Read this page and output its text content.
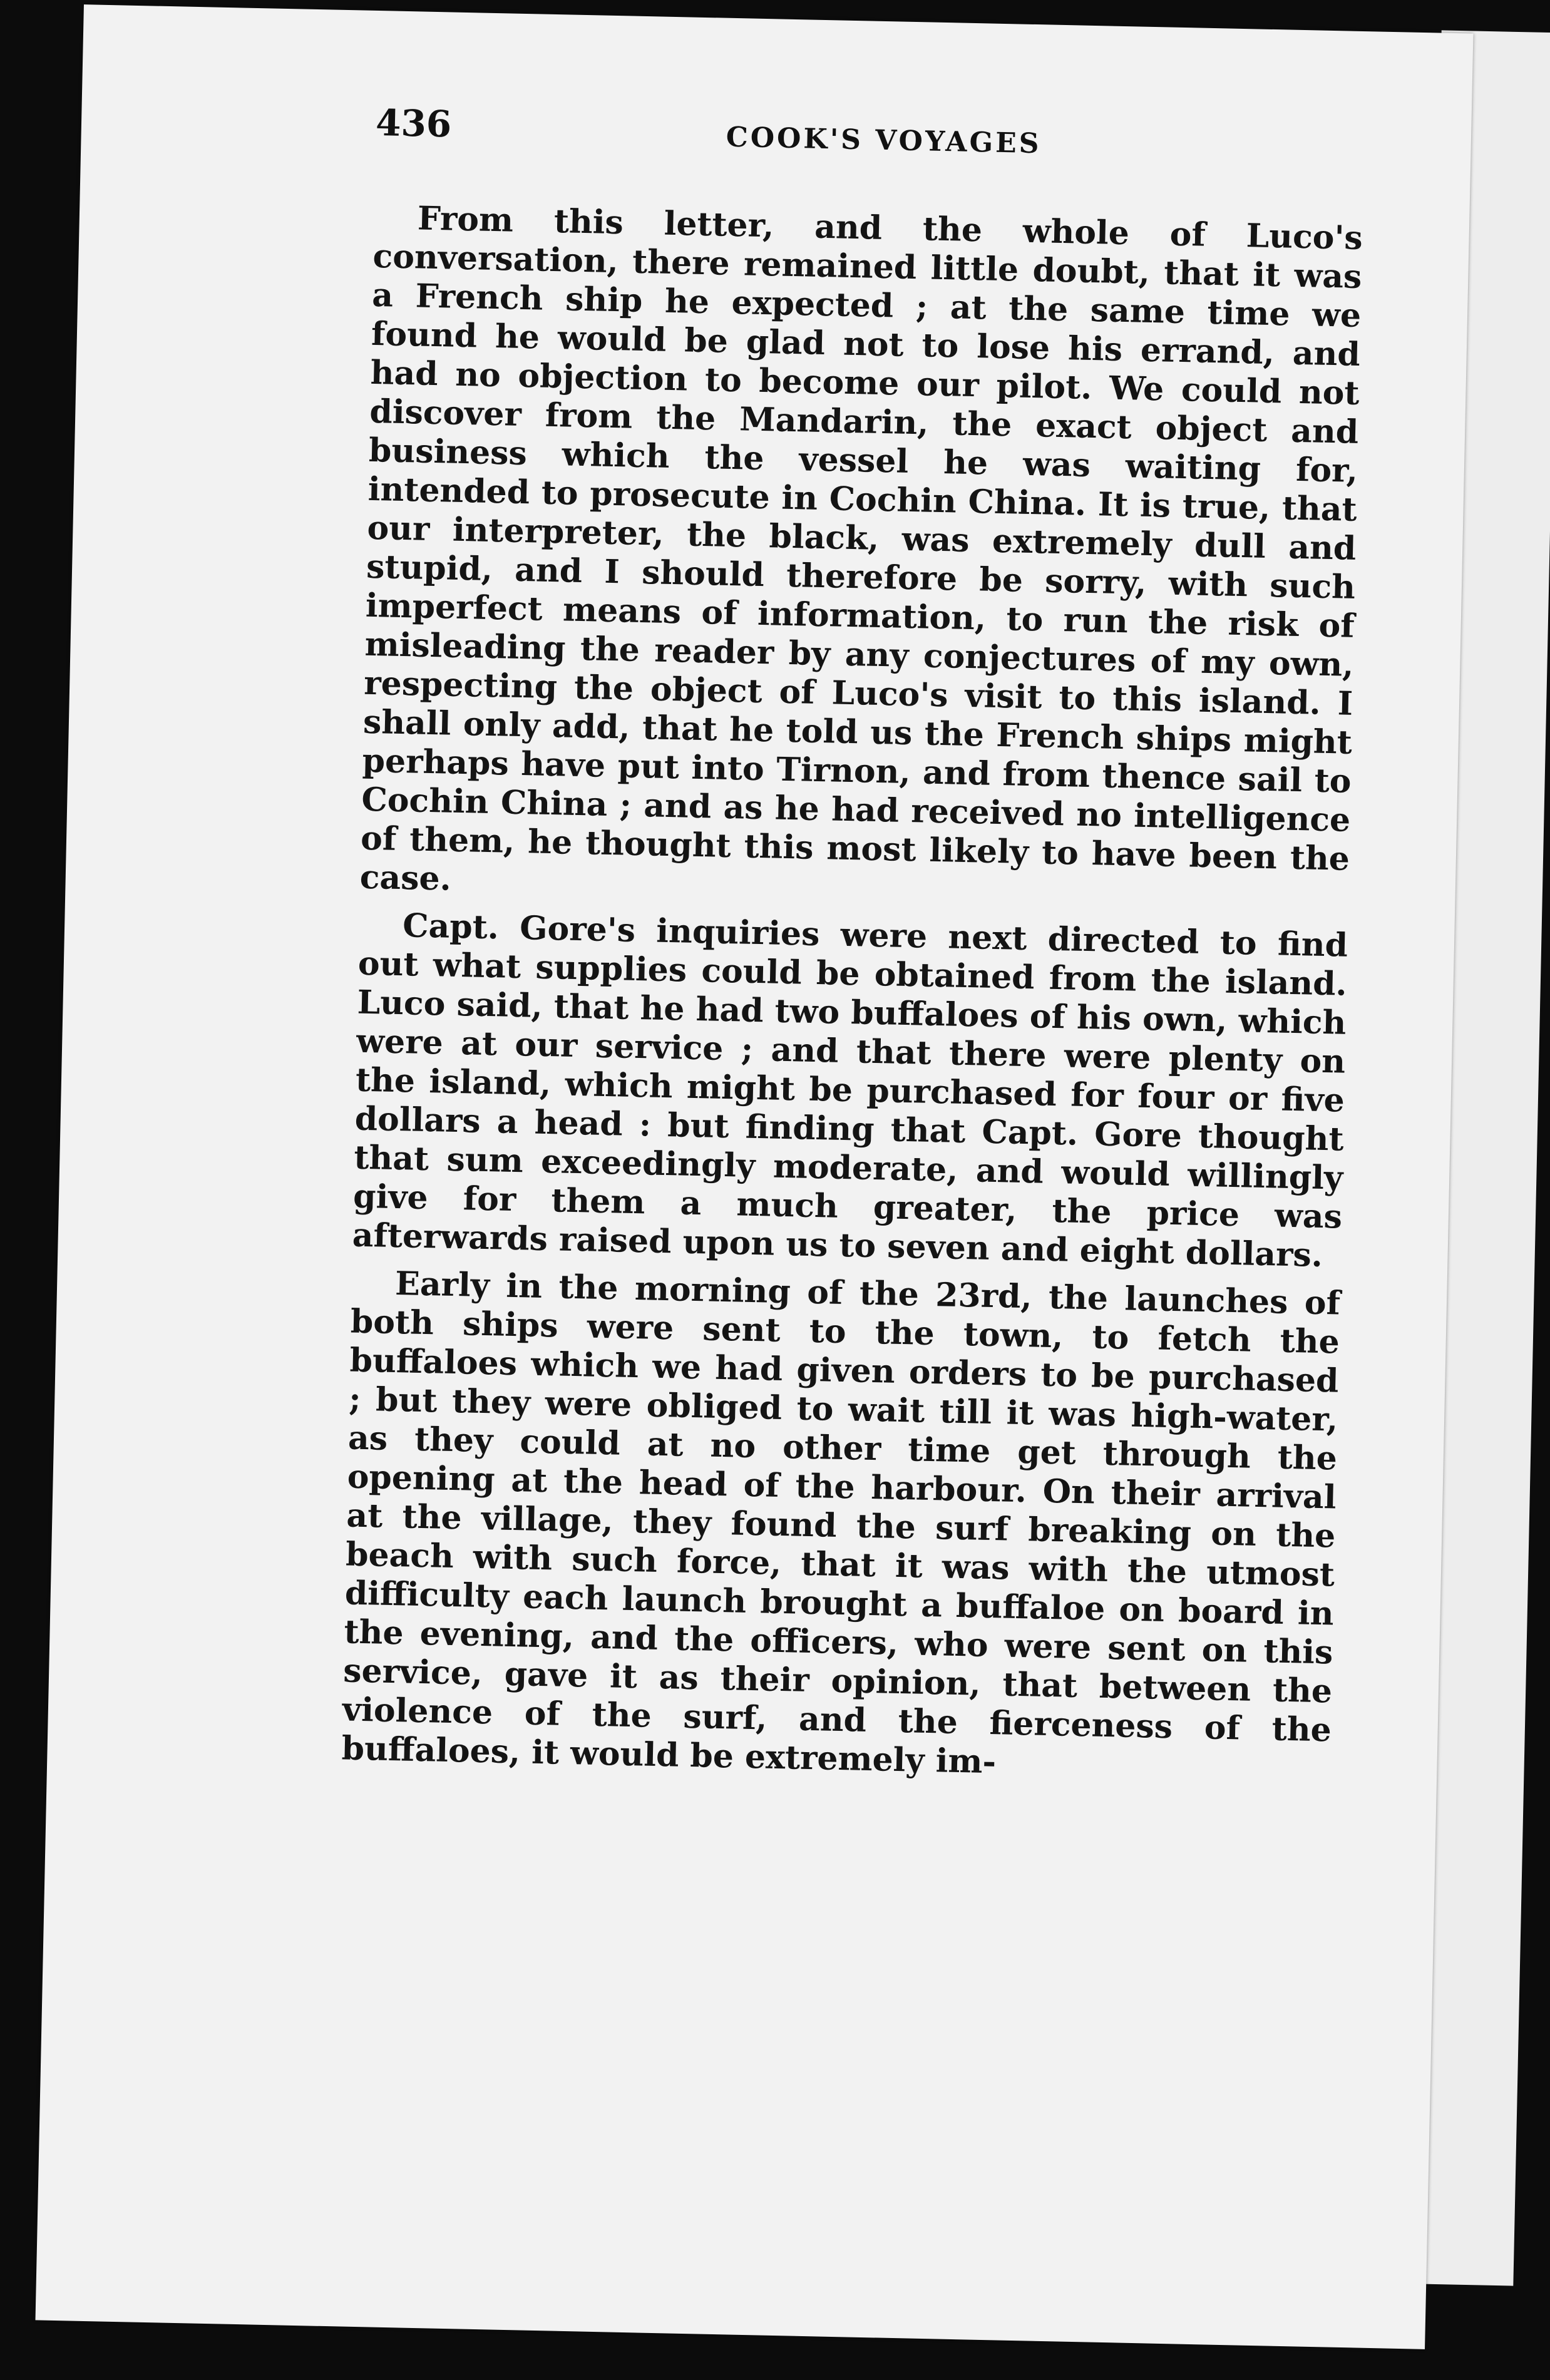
436	COOK'S VOYAGES

From this letter, and the whole of Luco's conversation, there remained little doubt, that it was a French ship he expected ; at the same time we found he would be glad not to lose his errand, and had no objection to become our pilot. We could not discover from the Mandarin, the exact object and business which the vessel he was waiting for, intended to prosecute in Cochin China. It is true, that our interpreter, the black, was extremely dull and stupid, and I should therefore be sorry, with such imperfect means of information, to run the risk of misleading the reader by any conjectures of my own, respecting the object of Luco's visit to this island. I shall only add, that he told us the French ships might perhaps have put into Tirnon, and from thence sail to Cochin China ; and as he had received no intelligence of them, he thought this most likely to have been the case.

Capt. Gore's inquiries were next directed to find out what supplies could be obtained from the island. Luco said, that he had two buffaloes of his own, which were at our service ; and that there were plenty on the island, which might be purchased for four or five dollars a head : but finding that Capt. Gore thought that sum exceedingly moderate, and would willingly give for them a much greater, the price was afterwards raised upon us to seven and eight dollars.

Early in the morning of the 23rd, the launches of both ships were sent to the town, to fetch the buffaloes which we had given orders to be purchased ; but they were obliged to wait till it was high-water, as they could at no other time get through the opening at the head of the harbour. On their arrival at the village, they found the surf breaking on the beach with such force, that it was with the utmost difficulty each launch brought a buffaloe on board in the evening, and the officers, who were sent on this service, gave it as their opinion, that between the violence of the surf, and the fierceness of the buffaloes, it would be extremely im-
